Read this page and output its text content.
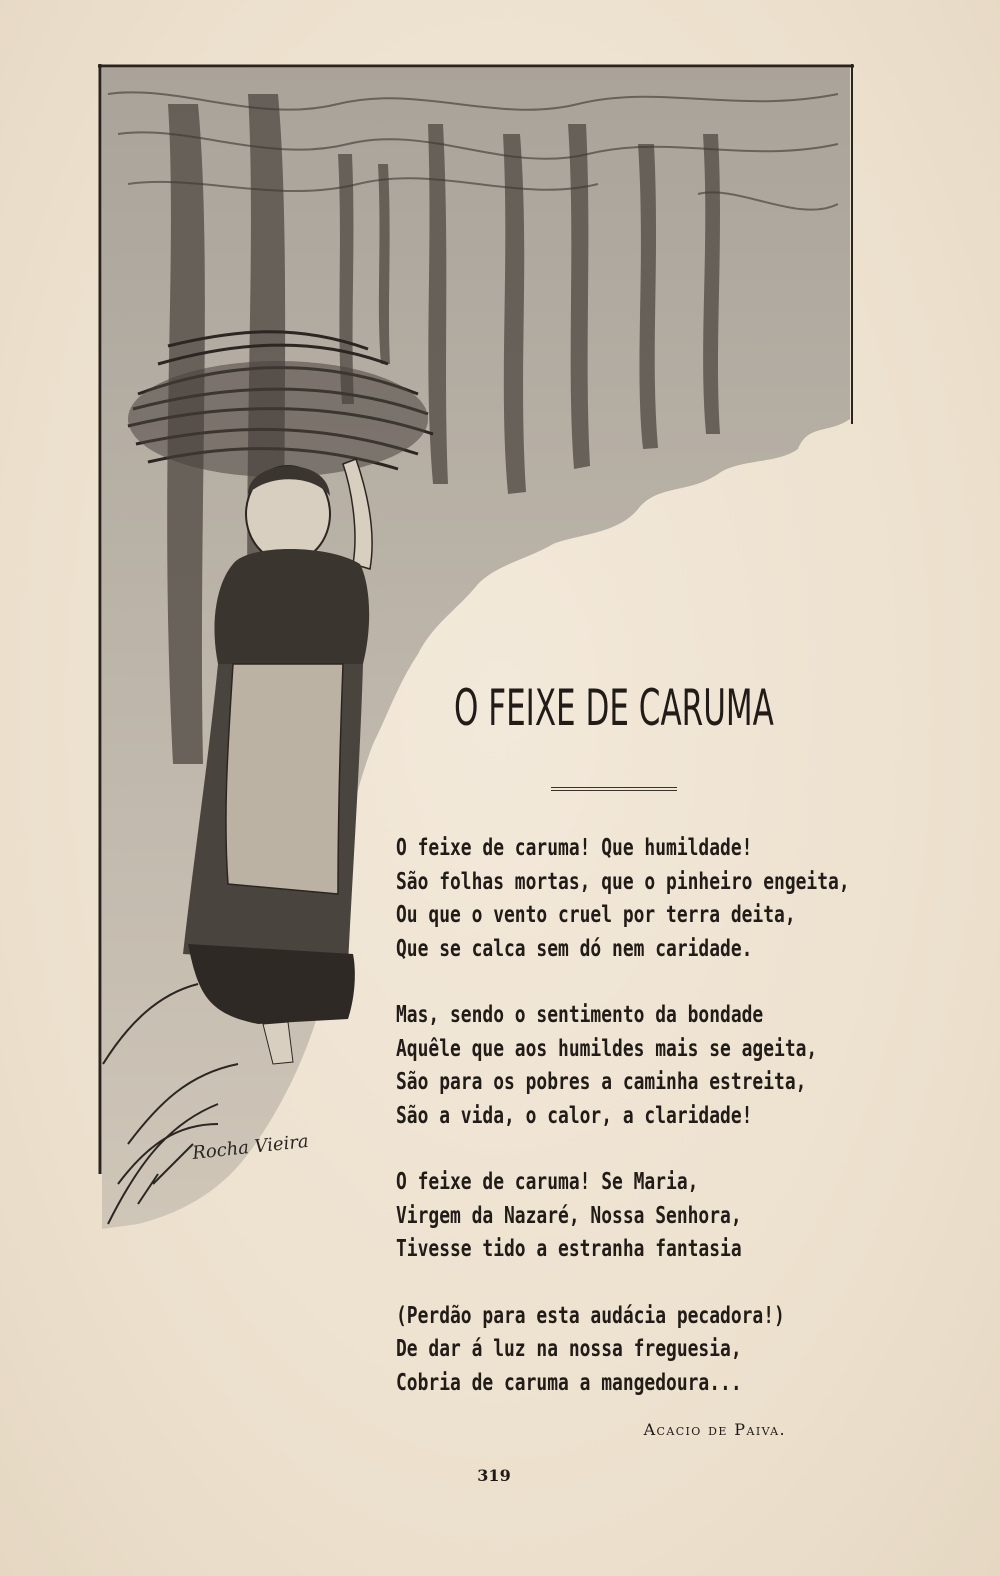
Rocha Vieira
O FEIXE DE CARUMA
O feixe de caruma! Que humildade!
São folhas mortas, que o pinheiro engeita,
Ou que o vento cruel por terra deita,
Que se calca sem dó nem caridade.
Mas, sendo o sentimento da bondade
Aquêle que aos humildes mais se ageita,
São para os pobres a caminha estreita,
São a vida, o calor, a claridade!
O feixe de caruma! Se Maria,
Virgem da Nazaré, Nossa Senhora,
Tivesse tido a estranha fantasia
(Perdão para esta audácia pecadora!)
De dar á luz na nossa freguesia,
Cobria de caruma a mangedoura...
Acacio de Paiva.
319
